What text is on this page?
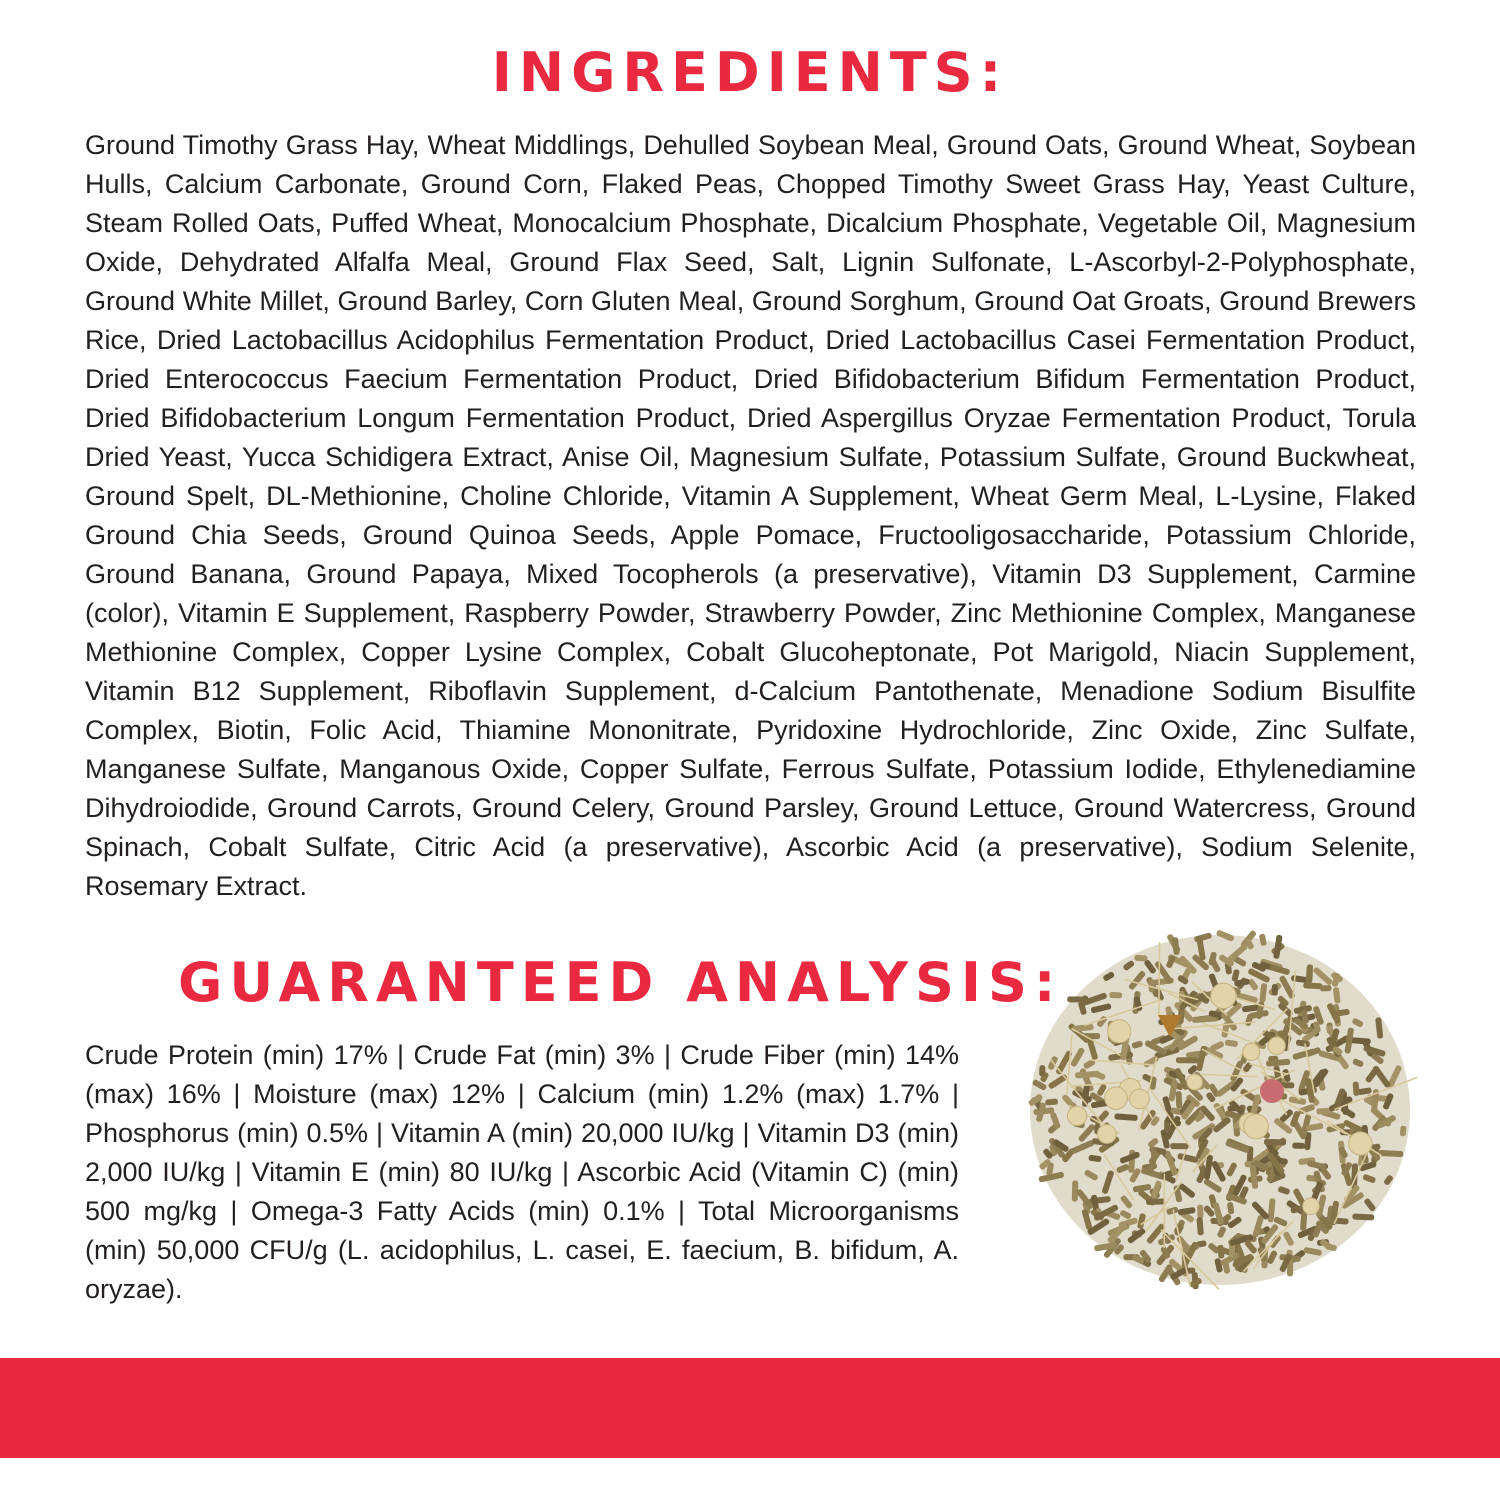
INGREDIENTS:

Ground Timothy Grass Hay, Wheat Middlings, Dehulled Soybean Meal, Ground Oats, Ground Wheat, Soybean Hulls, Calcium Carbonate, Ground Corn, Flaked Peas, Chopped Timothy Sweet Grass Hay, Yeast Culture, Steam Rolled Oats, Puffed Wheat, Monocalcium Phosphate, Dicalcium Phosphate, Vegetable Oil, Magnesium Oxide, Dehydrated Alfalfa Meal, Ground Flax Seed, Salt, Lignin Sulfonate, L-Ascorbyl-2-Polyphosphate, Ground White Millet, Ground Barley, Corn Gluten Meal, Ground Sorghum, Ground Oat Groats, Ground Brewers Rice, Dried Lactobacillus Acidophilus Fermentation Product, Dried Lactobacillus Casei Fermentation Product, Dried Enterococcus Faecium Fermentation Product, Dried Bifidobacterium Bifidum Fermentation Product, Dried Bifidobacterium Longum Fermentation Product, Dried Aspergillus Oryzae Fermentation Product, Torula Dried Yeast, Yucca Schidigera Extract, Anise Oil, Magnesium Sulfate, Potassium Sulfate, Ground Buckwheat, Ground Spelt, DL-Methionine, Choline Chloride, Vitamin A Supplement, Wheat Germ Meal, L-Lysine, Flaked Ground Chia Seeds, Ground Quinoa Seeds, Apple Pomace, Fructooligosaccharide, Potassium Chloride, Ground Banana, Ground Papaya, Mixed Tocopherols (a preservative), Vitamin D3 Supplement, Carmine (color), Vitamin E Supplement, Raspberry Powder, Strawberry Powder, Zinc Methionine Complex, Manganese Methionine Complex, Copper Lysine Complex, Cobalt Glucoheptonate, Pot Marigold, Niacin Supplement, Vitamin B12 Supplement, Riboflavin Supplement, d-Calcium Pantothenate, Menadione Sodium Bisulfite Complex, Biotin, Folic Acid, Thiamine Mononitrate, Pyridoxine Hydrochloride, Zinc Oxide, Zinc Sulfate, Manganese Sulfate, Manganous Oxide, Copper Sulfate, Ferrous Sulfate, Potassium Iodide, Ethylenediamine Dihydroiodide, Ground Carrots, Ground Celery, Ground Parsley, Ground Lettuce, Ground Watercress, Ground Spinach, Cobalt Sulfate, Citric Acid (a preservative), Ascorbic Acid (a preservative), Sodium Selenite, Rosemary Extract.

GUARANTEED ANALYSIS:

Crude Protein (min) 17% | Crude Fat (min) 3% | Crude Fiber (min) 14% (max) 16% | Moisture (max) 12% | Calcium (min) 1.2% (max) 1.7% | Phosphorus (min) 0.5% | Vitamin A (min) 20,000 IU/kg | Vitamin D3 (min) 2,000 IU/kg | Vitamin E (min) 80 IU/kg | Ascorbic Acid (Vitamin C) (min) 500 mg/kg | Omega-3 Fatty Acids (min) 0.1% | Total Microorganisms (min) 50,000 CFU/g (L. acidophilus, L. casei, E. faecium, B. bifidum, A. oryzae).
